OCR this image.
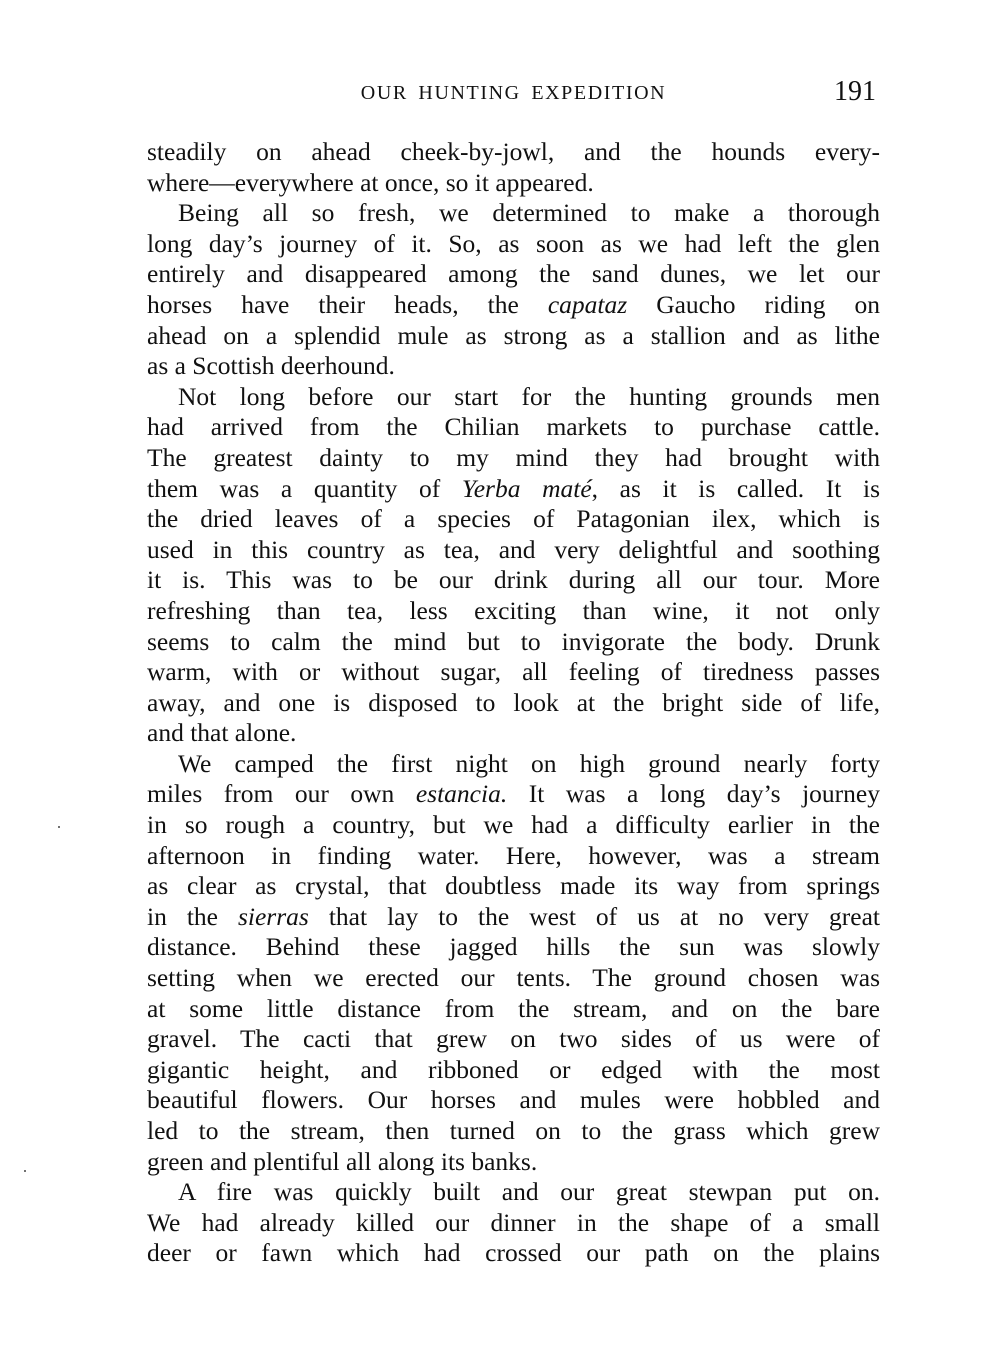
OUR HUNTING EXPEDITION	191
steadily on ahead cheek-by-jowl, and the hounds every-
where—everywhere at once, so it appeared.
Being all so fresh, we determined to make a thorough
long day’s journey of it. So, as soon as we had left the glen
entirely and disappeared among the sand dunes, we let our
horses have their heads, the capataz Gaucho riding on
ahead on a splendid mule as strong as a stallion and as lithe
as a Scottish deerhound.
Not long before our start for the hunting grounds men
had arrived from the Chilian markets to purchase cattle.
The greatest dainty to my mind they had brought with
them was a quantity of Yerba maté, as it is called. It is
the dried leaves of a species of Patagonian ilex, which is
used in this country as tea, and very delightful and soothing
it is. This was to be our drink during all our tour. More
refreshing than tea, less exciting than wine, it not only
seems to calm the mind but to invigorate the body. Drunk
warm, with or without sugar, all feeling of tiredness passes
away, and one is disposed to look at the bright side of life,
and that alone.
We camped the first night on high ground nearly forty
miles from our own estancia. It was a long day’s journey
in so rough a country, but we had a difficulty earlier in the
afternoon in finding water. Here, however, was a stream
as clear as crystal, that doubtless made its way from springs
in the sierras that lay to the west of us at no very great
distance. Behind these jagged hills the sun was slowly
setting when we erected our tents. The ground chosen was
at some little distance from the stream, and on the bare
gravel. The cacti that grew on two sides of us were of
gigantic height, and ribboned or edged with the most
beautiful flowers. Our horses and mules were hobbled and
led to the stream, then turned on to the grass which grew
green and plentiful all along its banks.
A fire was quickly built and our great stewpan put on.
We had already killed our dinner in the shape of a small
deer or fawn which had crossed our path on the plains
